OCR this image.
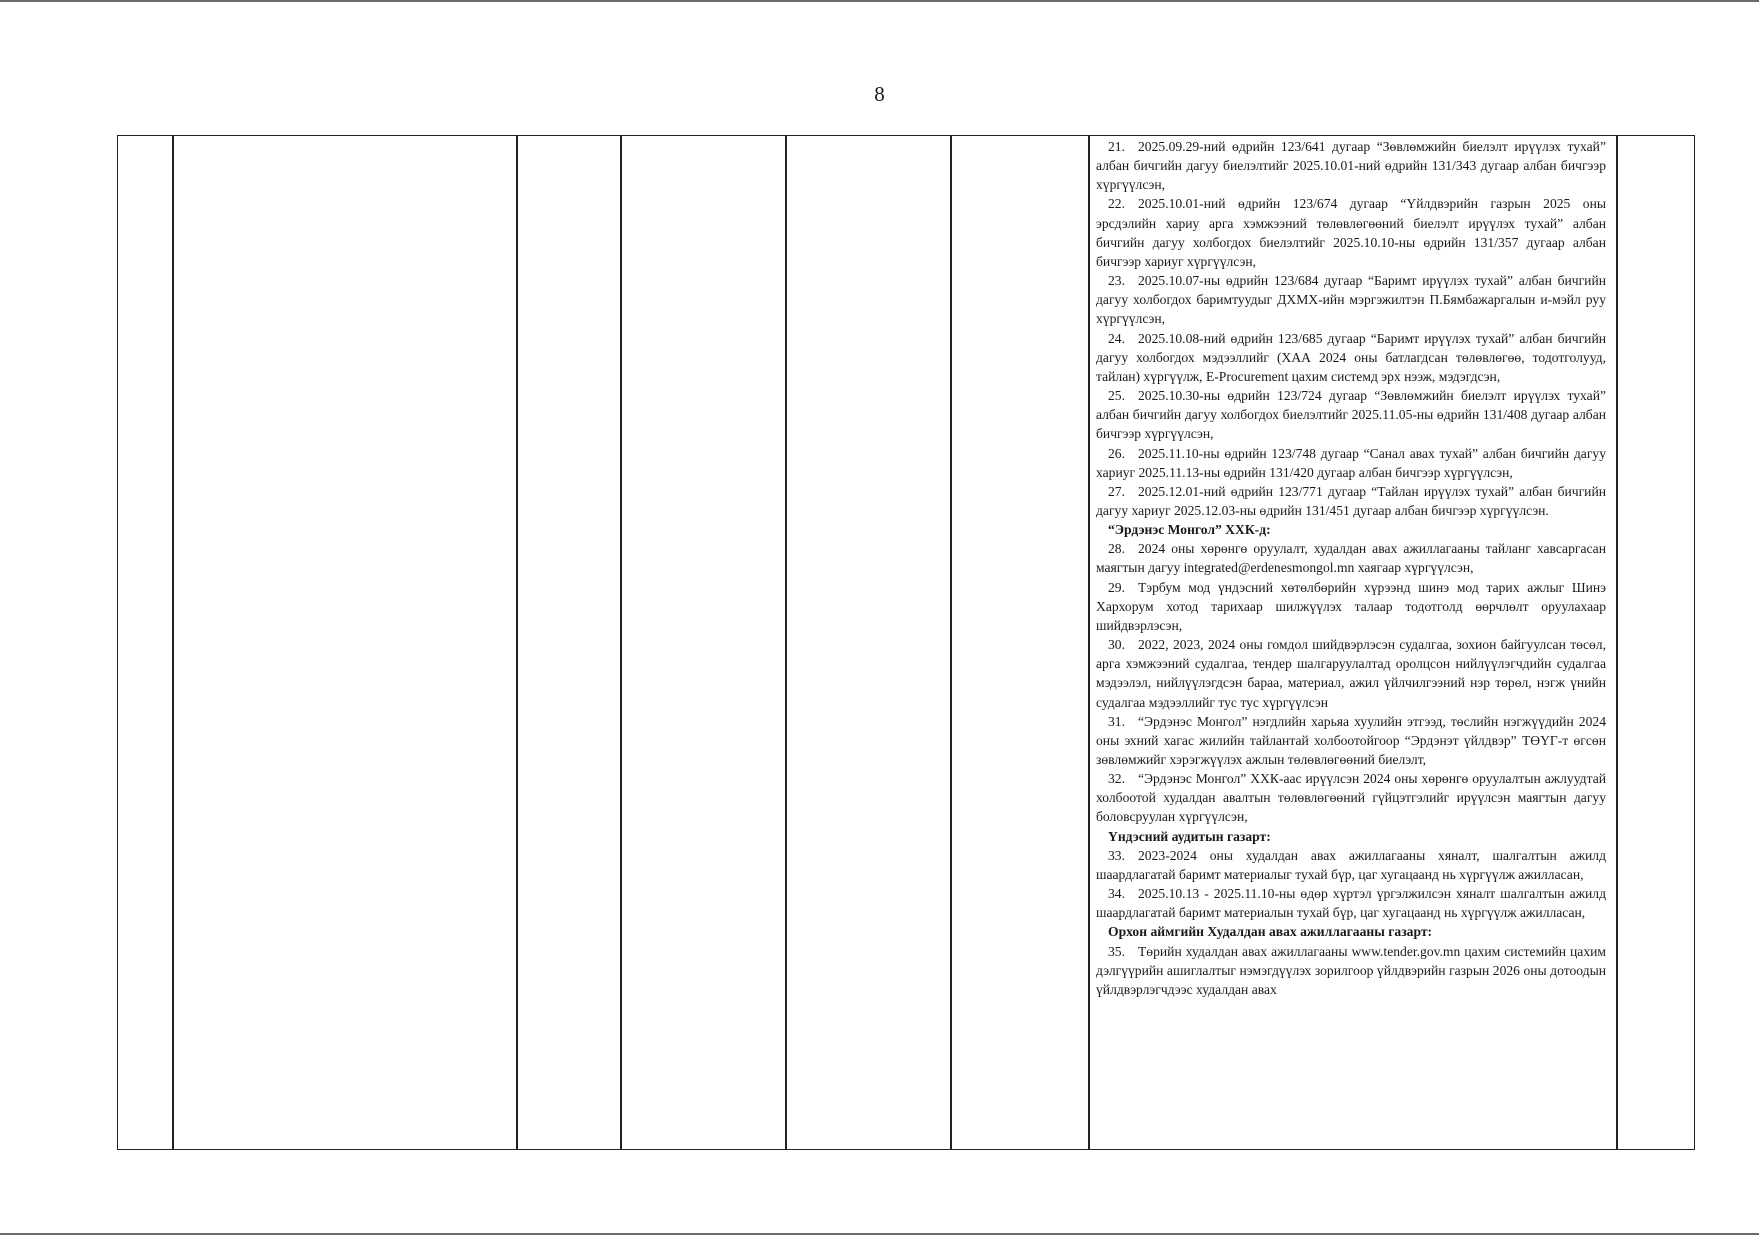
8

21. 2025.09.29-ний өдрийн 123/641 дугаар “Зөвлөмжийн биелэлт ирүүлэх тухай” албан бичгийн дагуу биелэлтийг 2025.10.01-ний өдрийн 131/343 дугаар албан бичгээр хүргүүлсэн,

22. 2025.10.01-ний өдрийн 123/674 дугаар “Үйлдвэрийн газрын 2025 оны эрсдэлийн хариу арга хэмжээний төлөвлөгөөний биелэлт ирүүлэх тухай” албан бичгийн дагуу холбогдох биелэлтийг 2025.10.10-ны өдрийн 131/357 дугаар албан бичгээр хариуг хүргүүлсэн,

23. 2025.10.07-ны өдрийн 123/684 дугаар “Баримт ирүүлэх тухай” албан бичгийн дагуу холбогдох баримтуудыг ДХМХ-ийн мэргэжилтэн П.Бямбажаргалын и-мэйл руу хүргүүлсэн,

24. 2025.10.08-ний өдрийн 123/685 дугаар “Баримт ирүүлэх тухай” албан бичгийн дагуу холбогдох мэдээллийг (ХАА 2024 оны батлагдсан төлөвлөгөө, тодотголууд, тайлан) хүргүүлж, E-Procurement цахим системд эрх нээж, мэдэгдсэн,

25. 2025.10.30-ны өдрийн 123/724 дугаар “Зөвлөмжийн биелэлт ирүүлэх тухай” албан бичгийн дагуу холбогдох биелэлтийг 2025.11.05-ны өдрийн 131/408 дугаар албан бичгээр хүргүүлсэн,

26. 2025.11.10-ны өдрийн 123/748 дугаар “Санал авах тухай” албан бичгийн дагуу хариуг 2025.11.13-ны өдрийн 131/420 дугаар албан бичгээр хүргүүлсэн,

27. 2025.12.01-ний өдрийн 123/771 дугаар “Тайлан ирүүлэх тухай” албан бичгийн дагуу хариуг 2025.12.03-ны өдрийн 131/451 дугаар албан бичгээр хүргүүлсэн.

“Эрдэнэс Монгол” ХХК-д:

28. 2024 оны хөрөнгө оруулалт, худалдан авах ажиллагааны тайланг хавсаргасан маягтын дагуу integrated@erdenesmongol.mn хаягаар хүргүүлсэн,

29. Тэрбум мод үндэсний хөтөлбөрийн хүрээнд шинэ мод тарих ажлыг Шинэ Хархорум хотод тарихаар шилжүүлэх талаар тодотголд өөрчлөлт оруулахаар шийдвэрлэсэн,

30. 2022, 2023, 2024 оны гомдол шийдвэрлэсэн судалгаа, зохион байгуулсан төсөл, арга хэмжээний судалгаа, тендер шалгаруулалтад оролцсон нийлүүлэгчдийн судалгаа мэдээлэл, нийлүүлэгдсэн бараа, материал, ажил үйлчилгээний нэр төрөл, нэгж үнийн судалгаа мэдээллийг тус тус хүргүүлсэн

31. “Эрдэнэс Монгол” нэгдлийн харьяа хуулийн этгээд, төслийн нэгжүүдийн 2024 оны эхний хагас жилийн тайлантай холбоотойгоор “Эрдэнэт үйлдвэр” ТӨҮГ-т өгсөн зөвлөмжийг хэрэгжүүлэх ажлын төлөвлөгөөний биелэлт,

32. “Эрдэнэс Монгол” ХХК-аас ирүүлсэн 2024 оны хөрөнгө оруулалтын ажлуудтай холбоотой худалдан авалтын төлөвлөгөөний гүйцэтгэлийг ирүүлсэн маягтын дагуу боловсруулан хүргүүлсэн,

Үндэсний аудитын газарт:

33. 2023-2024 оны худалдан авах ажиллагааны хяналт, шалгалтын ажилд шаардлагатай баримт материалыг тухай бүр, цаг хугацаанд нь хүргүүлж ажилласан,

34. 2025.10.13 - 2025.11.10-ны өдөр хүртэл үргэлжилсэн хяналт шалгалтын ажилд шаардлагатай баримт материалын тухай бүр, цаг хугацаанд нь хүргүүлж ажилласан,

Орхон аймгийн Худалдан авах ажиллагааны газарт:

35. Төрийн худалдан авах ажиллагааны www.tender.gov.mn цахим системийн цахим дэлгүүрийн ашиглалтыг нэмэгдүүлэх зорилгоор үйлдвэрийн газрын 2026 оны дотоодын үйлдвэрлэгчдээс худалдан авах
